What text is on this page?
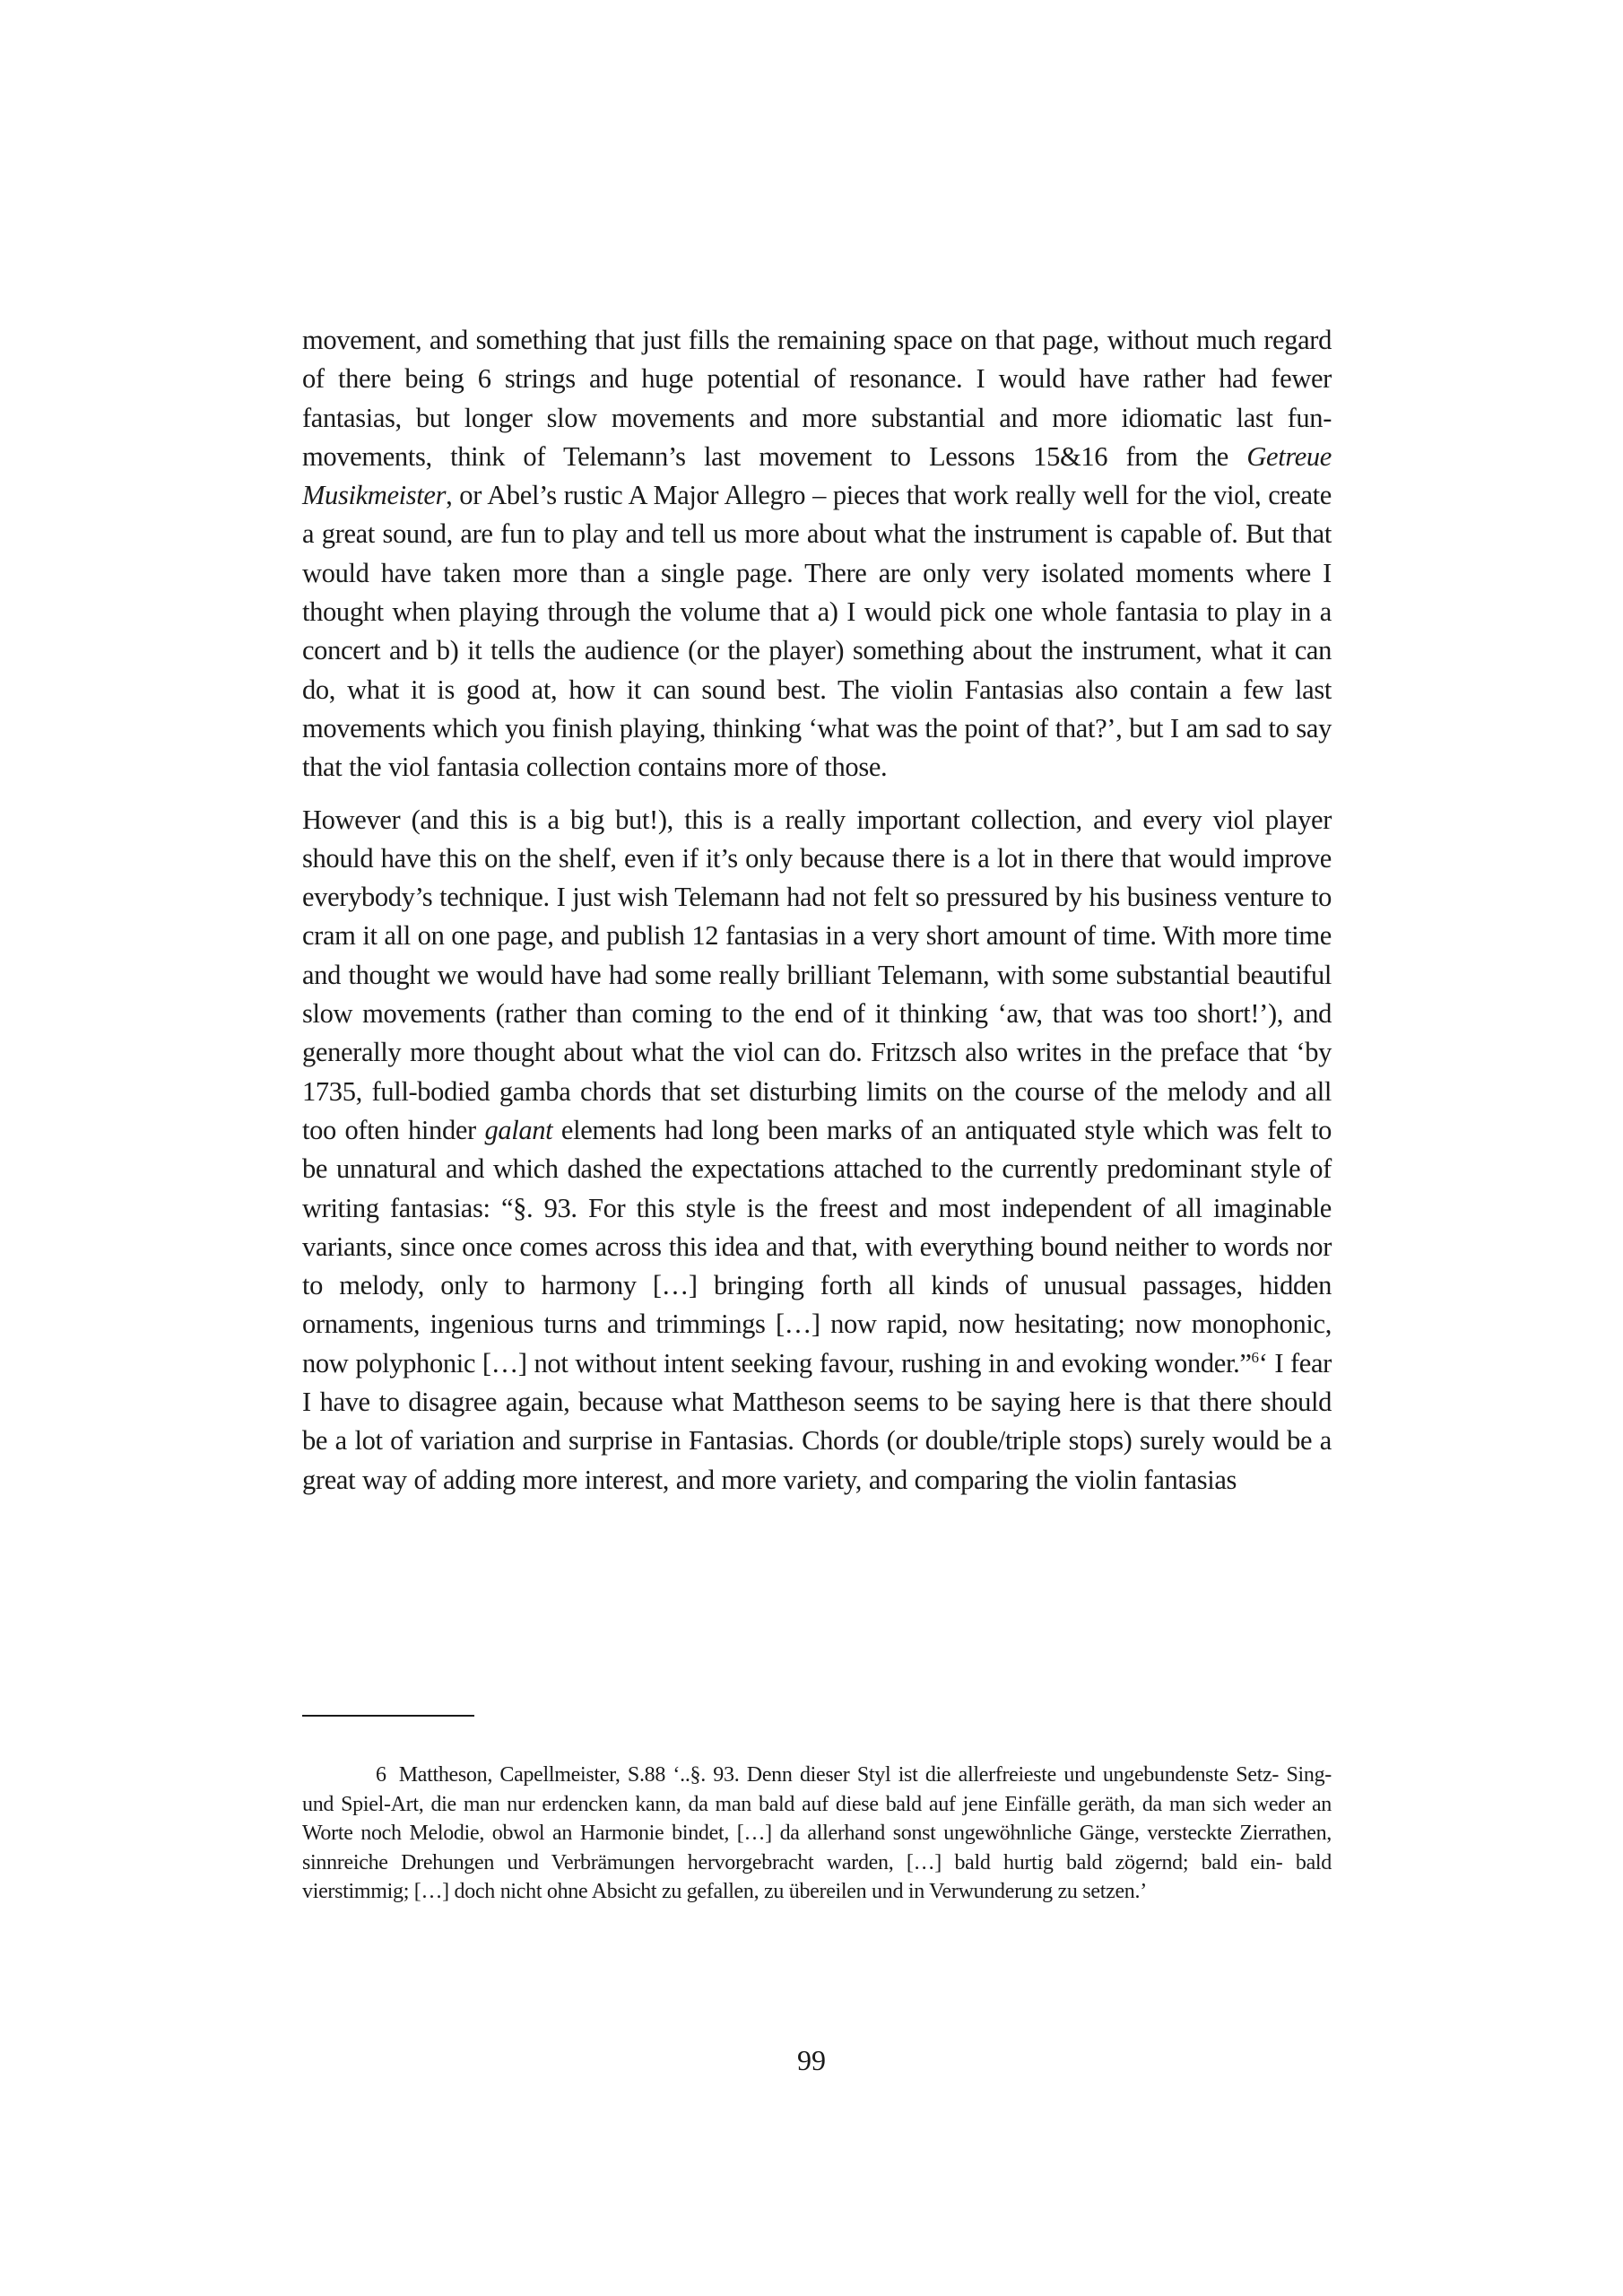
movement, and something that just fills the remaining space on that page, without much regard of there being 6 strings and huge potential of resonance. I would have rather had fewer fantasias, but longer slow movements and more substantial and more idiomatic last fun-movements, think of Telemann’s last movement to Lessons 15&16 from the Getreue Musikmeister, or Abel’s rustic A Major Allegro – pieces that work really well for the viol, create a great sound, are fun to play and tell us more about what the instrument is capable of. But that would have taken more than a single page. There are only very isolated moments where I thought when playing through the volume that a) I would pick one whole fantasia to play in a concert and b) it tells the audience (or the player) something about the instrument, what it can do, what it is good at, how it can sound best. The violin Fantasias also contain a few last movements which you finish playing, thinking ‘what was the point of that?’, but I am sad to say that the viol fantasia collection contains more of those.

However (and this is a big but!), this is a really important collection, and every viol player should have this on the shelf, even if it’s only because there is a lot in there that would improve everybody’s technique. I just wish Telemann had not felt so pressured by his business venture to cram it all on one page, and publish 12 fantasias in a very short amount of time. With more time and thought we would have had some really brilliant Telemann, with some substantial beautiful slow movements (rather than coming to the end of it thinking ‘aw, that was too short!’), and generally more thought about what the viol can do. Fritzsch also writes in the preface that ‘by 1735, full-bodied gamba chords that set disturbing limits on the course of the melody and all too often hinder galant elements had long been marks of an antiquated style which was felt to be unnatural and which dashed the expectations attached to the currently predominant style of writing fantasias: “§. 93. For this style is the freest and most independent of all imaginable variants, since once comes across this idea and that, with everything bound neither to words nor to melody, only to harmony […] bringing forth all kinds of unusual passages, hidden ornaments, ingenious turns and trimmings […] now rapid, now hesitating; now monophonic, now polyphonic […] not without intent seeking favour, rushing in and evoking wonder.”$^6$‘ I fear I have to disagree again, because what Mattheson seems to be saying here is that there should be a lot of variation and surprise in Fantasias. Chords (or double/triple stops) surely would be a great way of adding more interest, and more variety, and comparing the violin fantasias

6 Mattheson, Capellmeister, S.88 ‘..§. 93. Denn dieser Styl ist die allerfreieste und ungebundenste Setz- Sing- und Spiel-Art, die man nur erdencken kann, da man bald auf diese bald auf jene Einfälle geräth, da man sich weder an Worte noch Melodie, obwol an Harmonie bindet, […] da allerhand sonst ungewöhnliche Gänge, versteckte Zierrathen, sinnreiche Drehungen und Verbrämungen hervorgebracht warden, […] bald hurtig bald zögernd; bald ein- bald vierstimmig; […] doch nicht ohne Absicht zu gefallen, zu übereilen und in Verwunderung zu setzen.’

99
